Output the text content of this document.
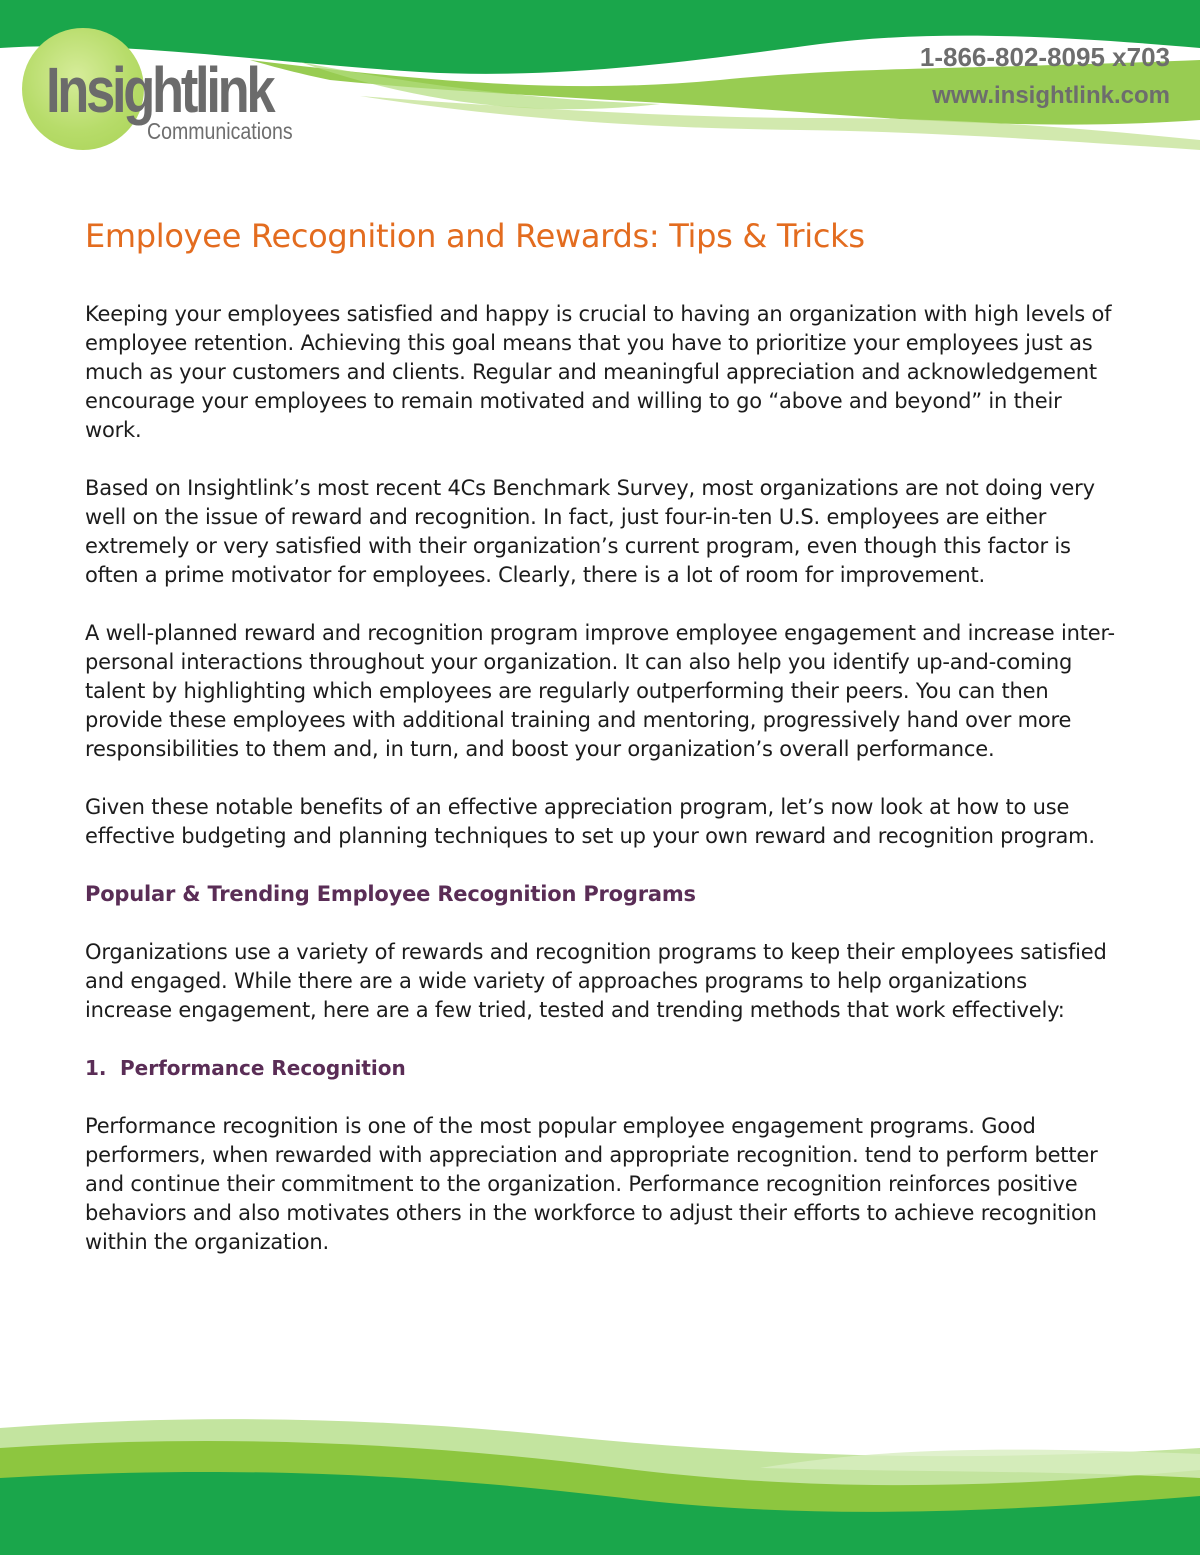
Insightlink
Communications
1-866-802-8095 x703
www.insightlink.com
Employee Recognition and Rewards: Tips & Tricks

Keeping your employees satisfied and happy is crucial to having an organization with high levels of employee retention. Achieving this goal means that you have to prioritize your employees just as much as your customers and clients. Regular and meaningful appreciation and acknowledgement encourage your employees to remain motivated and willing to go “above and beyond” in their work.

Based on Insightlink’s most recent 4Cs Benchmark Survey, most organizations are not doing very well on the issue of reward and recognition. In fact, just four-in-ten U.S. employees are either extremely or very satisfied with their organization’s current program, even though this factor is often a prime motivator for employees. Clearly, there is a lot of room for improvement.

A well-planned reward and recognition program improve employee engagement and increase inter-personal interactions throughout your organization. It can also help you identify up-and-coming talent by highlighting which employees are regularly outperforming their peers. You can then provide these employees with additional training and mentoring, progressively hand over more responsibilities to them and, in turn, and boost your organization’s overall performance.

Given these notable benefits of an effective appreciation program, let’s now look at how to use effective budgeting and planning techniques to set up your own reward and recognition program.

Popular & Trending Employee Recognition Programs

Organizations use a variety of rewards and recognition programs to keep their employees satisfied and engaged. While there are a wide variety of approaches programs to help organizations increase engagement, here are a few tried, tested and trending methods that work effectively:

1. Performance Recognition

Performance recognition is one of the most popular employee engagement programs. Good performers, when rewarded with appreciation and appropriate recognition. tend to perform better and continue their commitment to the organization. Performance recognition reinforces positive behaviors and also motivates others in the workforce to adjust their efforts to achieve recognition within the organization.
